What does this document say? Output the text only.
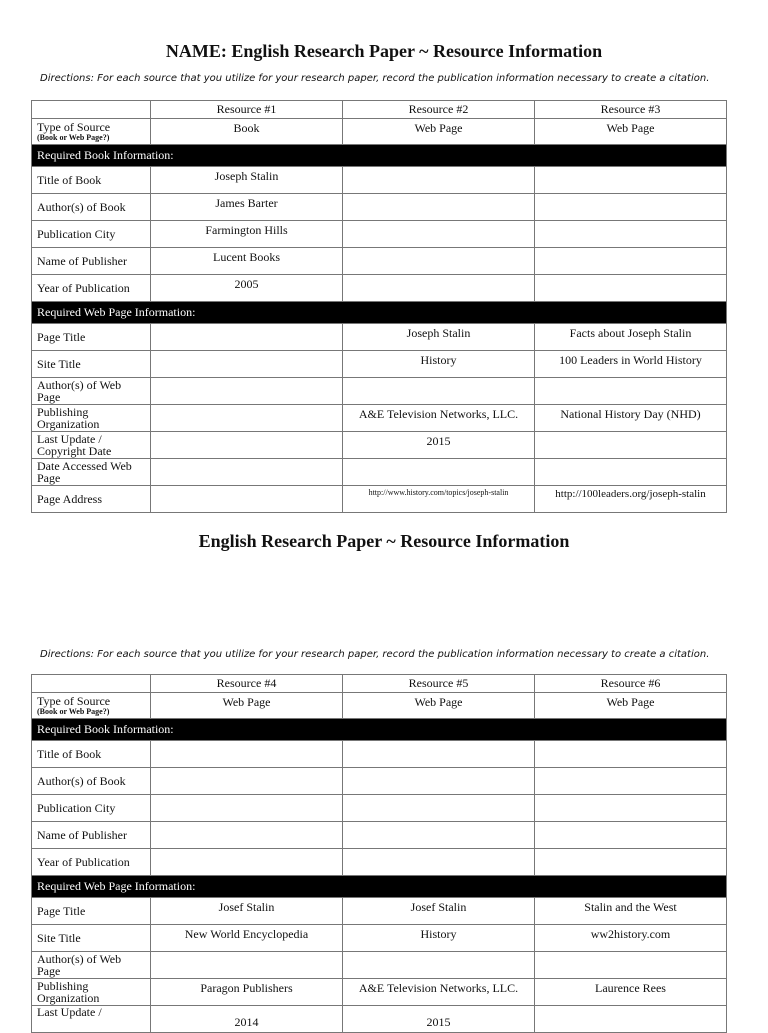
NAME: English Research Paper ~ Resource Information
Directions: For each source that you utilize for your research paper, record the publication information necessary to create a citation.
	Resource #1	Resource #2	Resource #3
Type of Source
(Book or Web Page?)	Book	Web Page	Web Page
Required Book Information:			
Title of Book	Joseph Stalin		
Author(s) of Book	James Barter		
Publication City	Farmington Hills		
Name of Publisher	Lucent Books		
Year of Publication	2005		
Required Web Page Information:			
Page Title		Joseph Stalin	Facts about Joseph Stalin
Site Title		History	100 Leaders in World History
Author(s) of Web Page			
Publishing Organization		A&E Television Networks, LLC.	National History Day (NHD)
Last Update / Copyright Date		2015	
Date Accessed Web Page			
Page Address		http://www.history.com/topics/joseph-stalin	http://100leaders.org/joseph-stalin
English Research Paper ~ Resource Information
Directions: For each source that you utilize for your research paper, record the publication information necessary to create a citation.
	Resource #4	Resource #5	Resource #6
Type of Source
(Book or Web Page?)	Web Page	Web Page	Web Page
Required Book Information:			
Title of Book			
Author(s) of Book			
Publication City			
Name of Publisher			
Year of Publication			
Required Web Page Information:			
Page Title	Josef Stalin	Josef Stalin	Stalin and the West
Site Title	New World Encyclopedia	History	ww2history.com
Author(s) of Web Page			
Publishing Organization	Paragon Publishers	A&E Television Networks, LLC.	Laurence Rees
Last Update /	2014	2015	
